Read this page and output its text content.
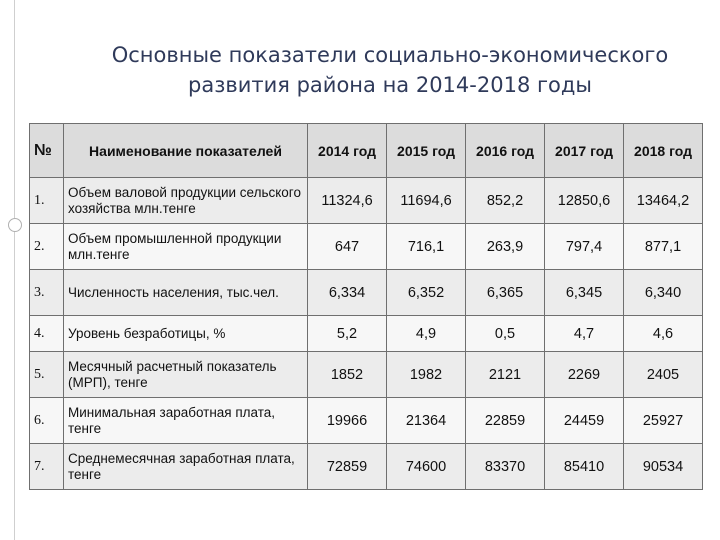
Основные показатели социально-экономического
развития района на 2014-2018 годы
№	Наименование показателей	2014 год	2015 год	2016 год	2017 год	2018 год
1.	Объем валовой продукции сельского хозяйства млн.тенге	11324,6	11694,6	852,2	12850,6	13464,2
2.	Объем промышленной продукции млн.тенге	647	716,1	263,9	797,4	877,1
3.	Численность населения, тыс.чел.	6,334	6,352	6,365	6,345	6,340
4.	Уровень безработицы, %	5,2	4,9	0,5	4,7	4,6
5.	Месячный расчетный показатель (МРП), тенге	1852	1982	2121	2269	2405
6.	Минимальная заработная плата, тенге	19966	21364	22859	24459	25927
7.	Среднемесячная заработная плата, тенге	72859	74600	83370	85410	90534
